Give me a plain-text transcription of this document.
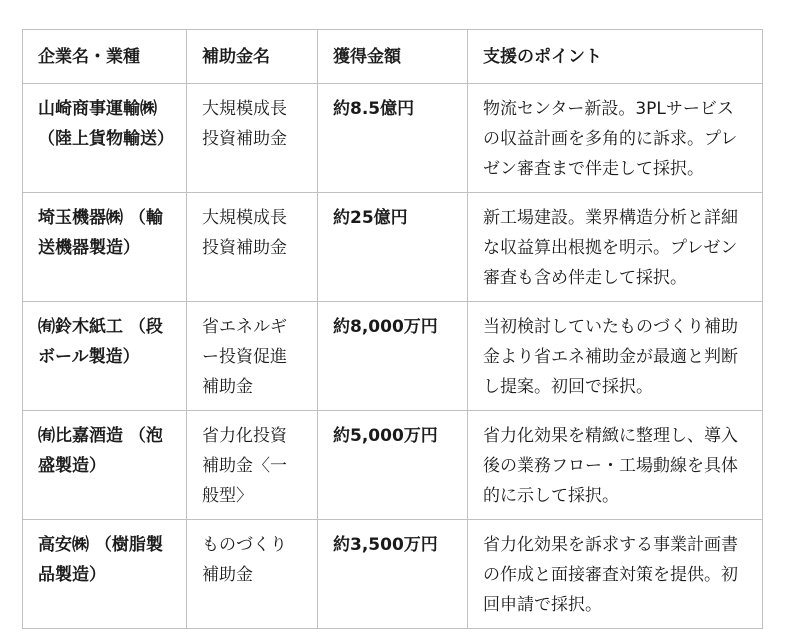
企業名・業種	補助金名	獲得金額	支援のポイント
山崎商事運輸㈱ （陸上貨物輸送）	大規模成長投資補助金	約8.5億円	物流センター新設。3PLサービスの収益計画を多角的に訴求。プレゼン審査まで伴走して採択。
埼玉機器㈱ （輸送機器製造）	大規模成長投資補助金	約25億円	新工場建設。業界構造分析と詳細な収益算出根拠を明示。プレゼン審査も含め伴走して採択。
㈲鈴木紙工 （段ボール製造）	省エネルギー投資促進補助金	約8,000万円	当初検討していたものづくり補助金より省エネ補助金が最適と判断し提案。初回で採択。
㈲比嘉酒造 （泡盛製造）	省力化投資補助金〈一般型〉	約5,000万円	省力化効果を精緻に整理し、導入後の業務フロー・工場動線を具体的に示して採択。
高安㈱ （樹脂製品製造）	ものづくり補助金	約3,500万円	省力化効果を訴求する事業計画書の作成と面接審査対策を提供。初回申請で採択。
